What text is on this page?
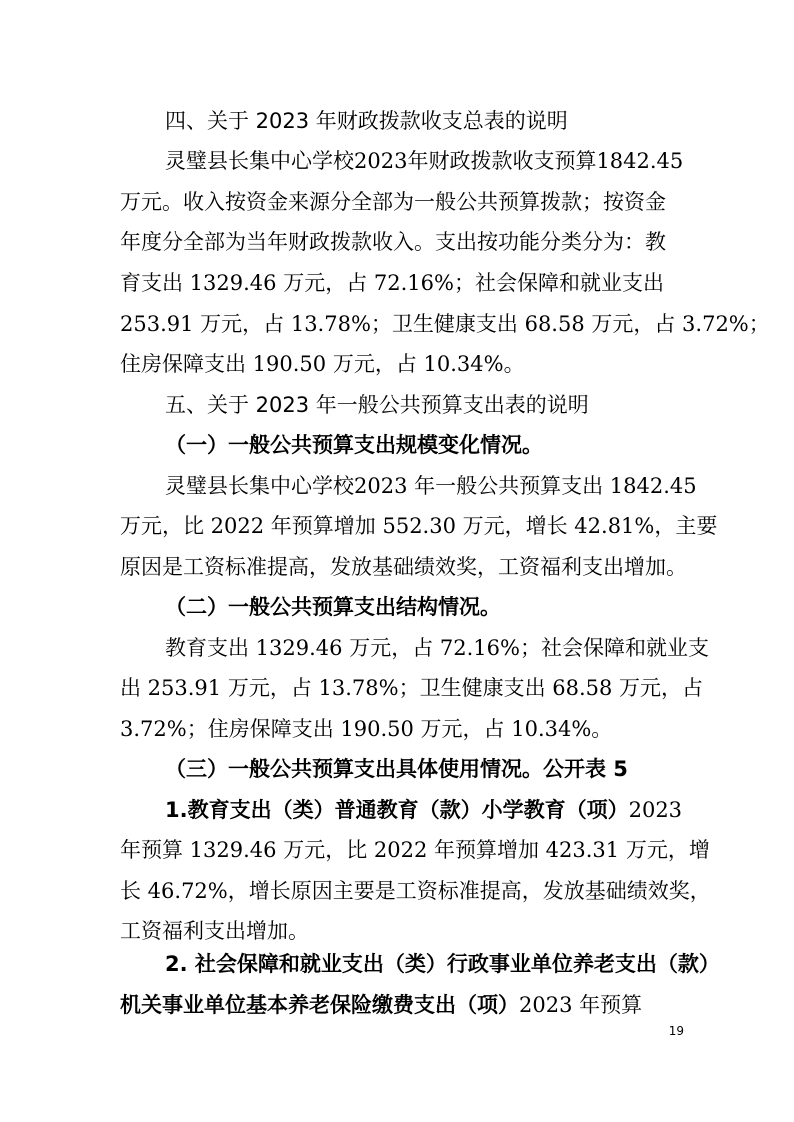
四、关于 2023 年财政拨款收支总表的说明
灵璧县长集中心学校2023年财政拨款收支预算1842.45
万元。收入按资金来源分全部为一般公共预算拨款；按资金
年度分全部为当年财政拨款收入。支出按功能分类分为：教
育支出 1329.46 万元，占 72.16%；社会保障和就业支出
253.91 万元，占 13.78%；卫生健康支出 68.58 万元，占 3.72%；
住房保障支出 190.50 万元，占 10.34%。
五、关于 2023 年一般公共预算支出表的说明
（一）一般公共预算支出规模变化情况。
灵璧县长集中心学校2023 年一般公共预算支出 1842.45
万元，比 2022 年预算增加 552.30 万元，增长 42.81%，主要
原因是工资标准提高，发放基础绩效奖，工资福利支出增加。
（二）一般公共预算支出结构情况。
教育支出 1329.46 万元，占 72.16%；社会保障和就业支
出 253.91 万元，占 13.78%；卫生健康支出 68.58 万元，占
3.72%；住房保障支出 190.50 万元，占 10.34%。
（三）一般公共预算支出具体使用情况。公开表 5
1.教育支出（类）普通教育（款）小学教育（项）2023
年预算 1329.46 万元，比 2022 年预算增加 423.31 万元，增
长 46.72%，增长原因主要是工资标准提高，发放基础绩效奖，
工资福利支出增加。
2. 社会保障和就业支出（类）行政事业单位养老支出（款）
机关事业单位基本养老保险缴费支出（项）2023 年预算
19
